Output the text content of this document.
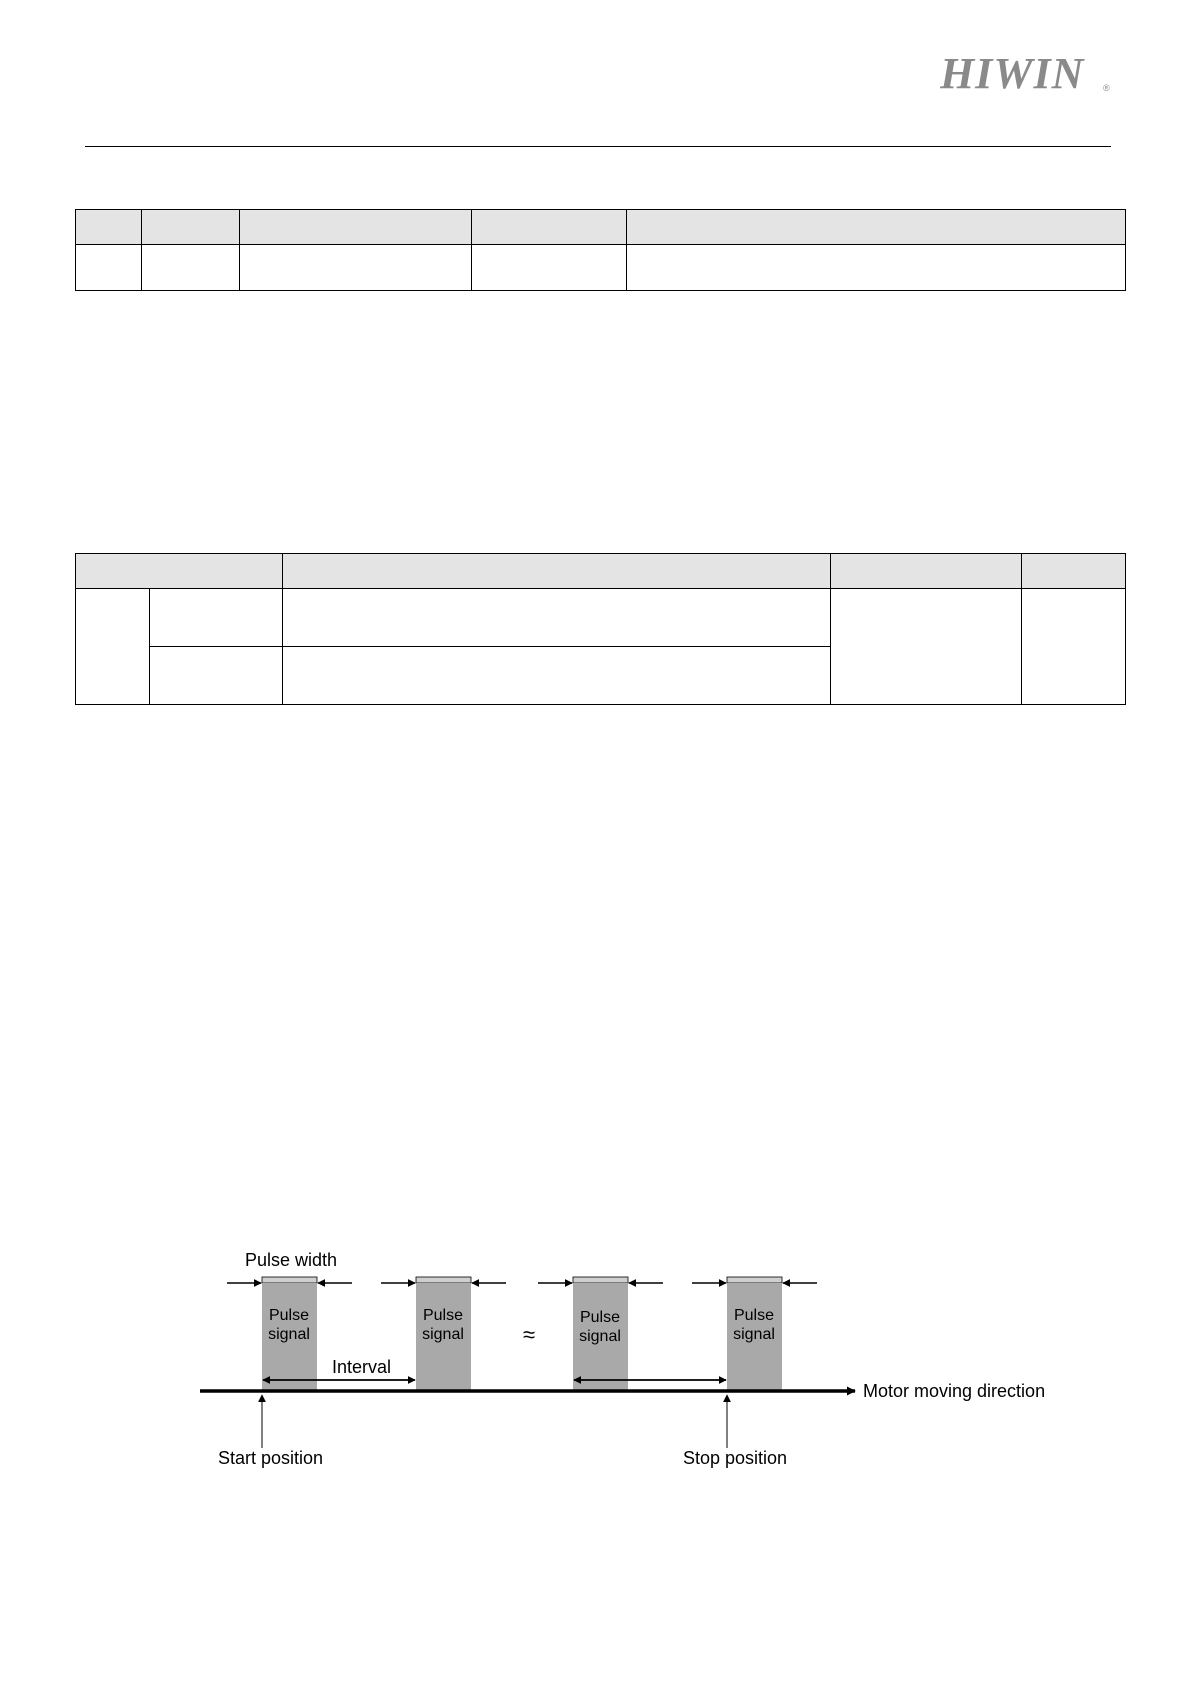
HIWIN ®

Pulse width
Pulse
signal
Pulse
signal	≈
Pulse
signal
Pulse
signal
Interval
Motor moving direction
Start position	Stop position
